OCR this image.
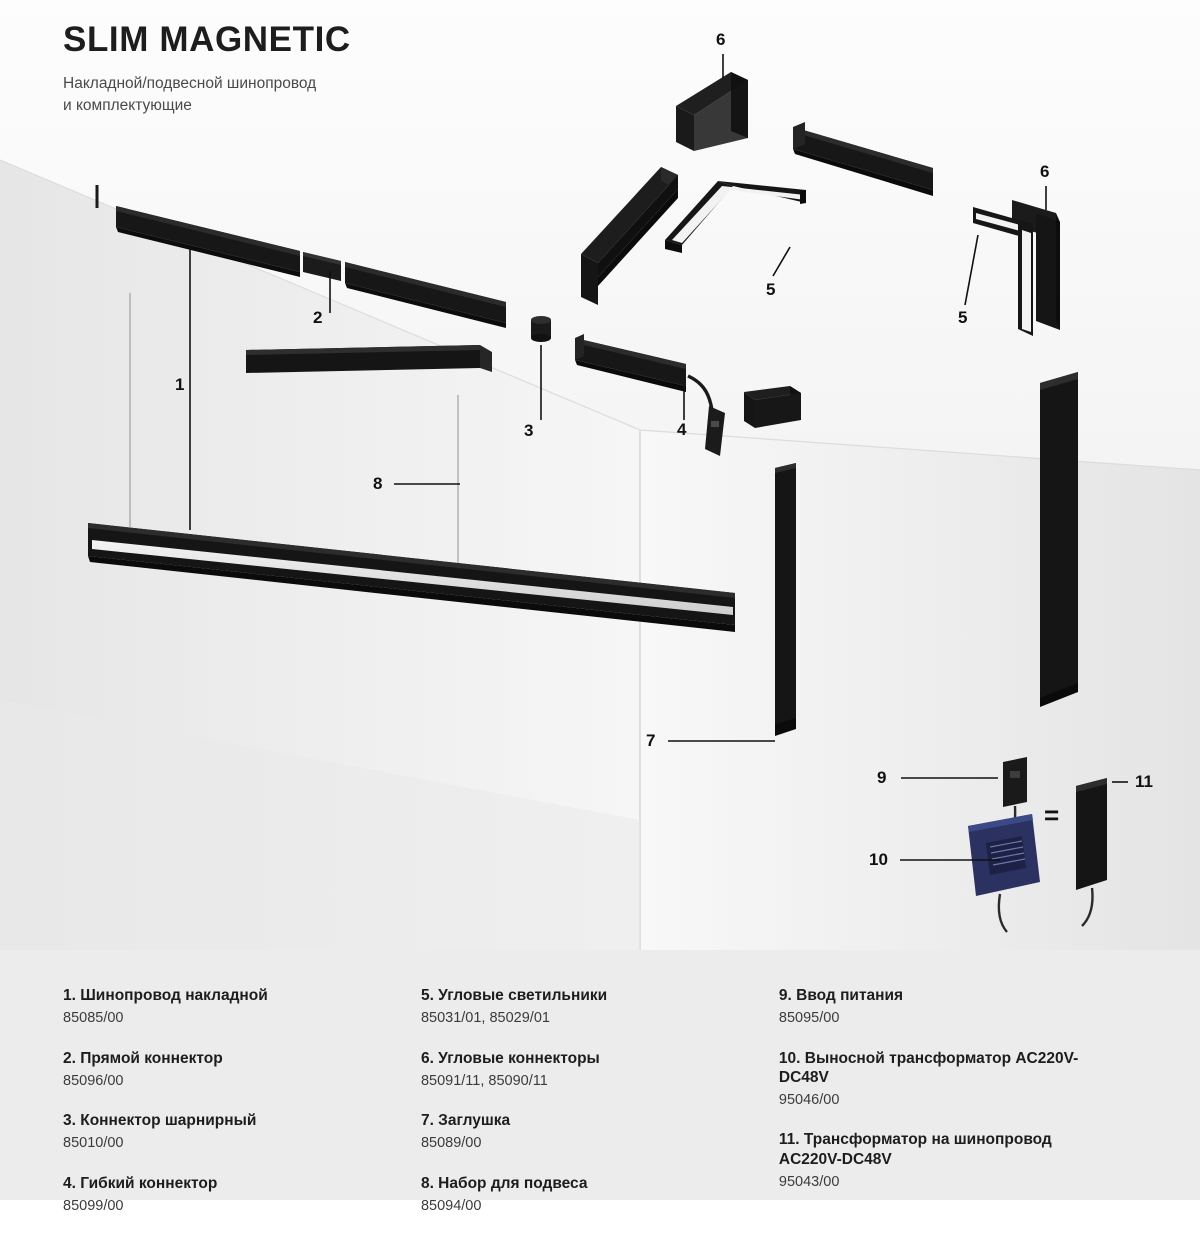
=
1
2
3	4
5
5
6
6
7
8
9
10
11
SLIM MAGNETIC
Накладной/подвесной шинопровод
и комплектующие
1. Шинопровод накладной
85085/00
2. Прямой коннектор
85096/00
3. Коннектор шарнирный
85010/00
4. Гибкий коннектор
85099/00
5. Угловые светильники
85031/01, 85029/01
6. Угловые коннекторы
85091/11, 85090/11
7. Заглушка
85089/00
8. Набор для подвеса
85094/00
9. Ввод питания
85095/00
10. Выносной трансформатор AC220V-DC48V
95046/00
11. Трансформатор на шинопровод AC220V-DC48V
95043/00
